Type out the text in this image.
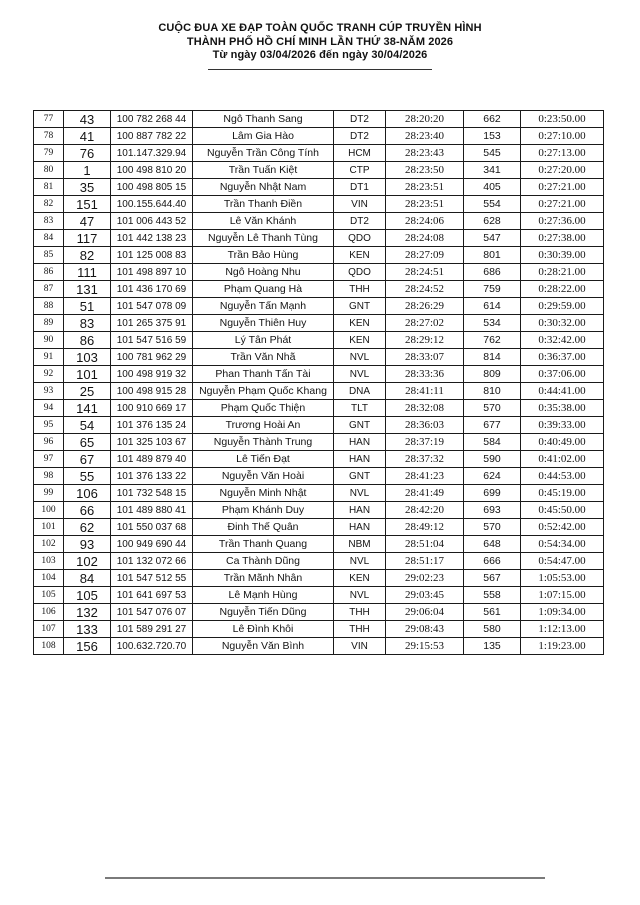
CUỘC ĐUA XE ĐẠP TOÀN QUỐC TRANH CÚP TRUYỀN HÌNH
THÀNH PHỐ HỒ CHÍ MINH LẦN THỨ 38-NĂM 2026
Từ ngày 03/04/2026 đến ngày 30/04/2026
77	43	100 782 268 44	Ngô Thanh Sang	DT2	28:20:20	662	0:23:50.00
78	41	100 887 782 22	Lâm Gia Hào	DT2	28:23:40	153	0:27:10.00
79	76	101.147.329.94	Nguyễn Trần Công Tính	HCM	28:23:43	545	0:27:13.00
80	1	100 498 810 20	Trần Tuấn Kiệt	CTP	28:23:50	341	0:27:20.00
81	35	100 498 805 15	Nguyễn Nhật Nam	DT1	28:23:51	405	0:27:21.00
82	151	100.155.644.40	Trần Thanh Điền	VIN	28:23:51	554	0:27:21.00
83	47	101 006 443 52	Lê Văn Khánh	DT2	28:24:06	628	0:27:36.00
84	117	101 442 138 23	Nguyễn Lê Thanh Tùng	QDO	28:24:08	547	0:27:38.00
85	82	101 125 008 83	Trần Bảo Hùng	KEN	28:27:09	801	0:30:39.00
86	111	101 498 897 10	Ngô Hoàng Nhu	QDO	28:24:51	686	0:28:21.00
87	131	101 436 170 69	Phạm Quang Hà	THH	28:24:52	759	0:28:22.00
88	51	101 547 078 09	Nguyễn Tấn Mạnh	GNT	28:26:29	614	0:29:59.00
89	83	101 265 375 91	Nguyễn Thiên Huy	KEN	28:27:02	534	0:30:32.00
90	86	101 547 516 59	Lý Tân Phát	KEN	28:29:12	762	0:32:42.00
91	103	100 781 962 29	Trần Văn Nhã	NVL	28:33:07	814	0:36:37.00
92	101	100 498 919 32	Phan Thanh Tấn Tài	NVL	28:33:36	809	0:37:06.00
93	25	100 498 915 28	Nguyễn Phạm Quốc Khang	DNA	28:41:11	810	0:44:41.00
94	141	100 910 669 17	Phạm Quốc Thiện	TLT	28:32:08	570	0:35:38.00
95	54	101 376 135 24	Trương Hoài An	GNT	28:36:03	677	0:39:33.00
96	65	101 325 103 67	Nguyễn Thành Trung	HAN	28:37:19	584	0:40:49.00
97	67	101 489 879 40	Lê Tiến Đạt	HAN	28:37:32	590	0:41:02.00
98	55	101 376 133 22	Nguyễn Văn Hoài	GNT	28:41:23	624	0:44:53.00
99	106	101 732 548 15	Nguyễn Minh Nhật	NVL	28:41:49	699	0:45:19.00
100	66	101 489 880 41	Phạm Khánh Duy	HAN	28:42:20	693	0:45:50.00
101	62	101 550 037 68	Đinh Thế Quân	HAN	28:49:12	570	0:52:42.00
102	93	100 949 690 44	Trần Thanh Quang	NBM	28:51:04	648	0:54:34.00
103	102	101 132 072 66	Ca Thành Dũng	NVL	28:51:17	666	0:54:47.00
104	84	101 547 512 55	Trần Mãnh Nhân	KEN	29:02:23	567	1:05:53.00
105	105	101 641 697 53	Lê Mạnh Hùng	NVL	29:03:45	558	1:07:15.00
106	132	101 547 076 07	Nguyễn Tiến Dũng	THH	29:06:04	561	1:09:34.00
107	133	101 589 291 27	Lê Đình Khôi	THH	29:08:43	580	1:12:13.00
108	156	100.632.720.70	Nguyễn Văn Bình	VIN	29:15:53	135	1:19:23.00
